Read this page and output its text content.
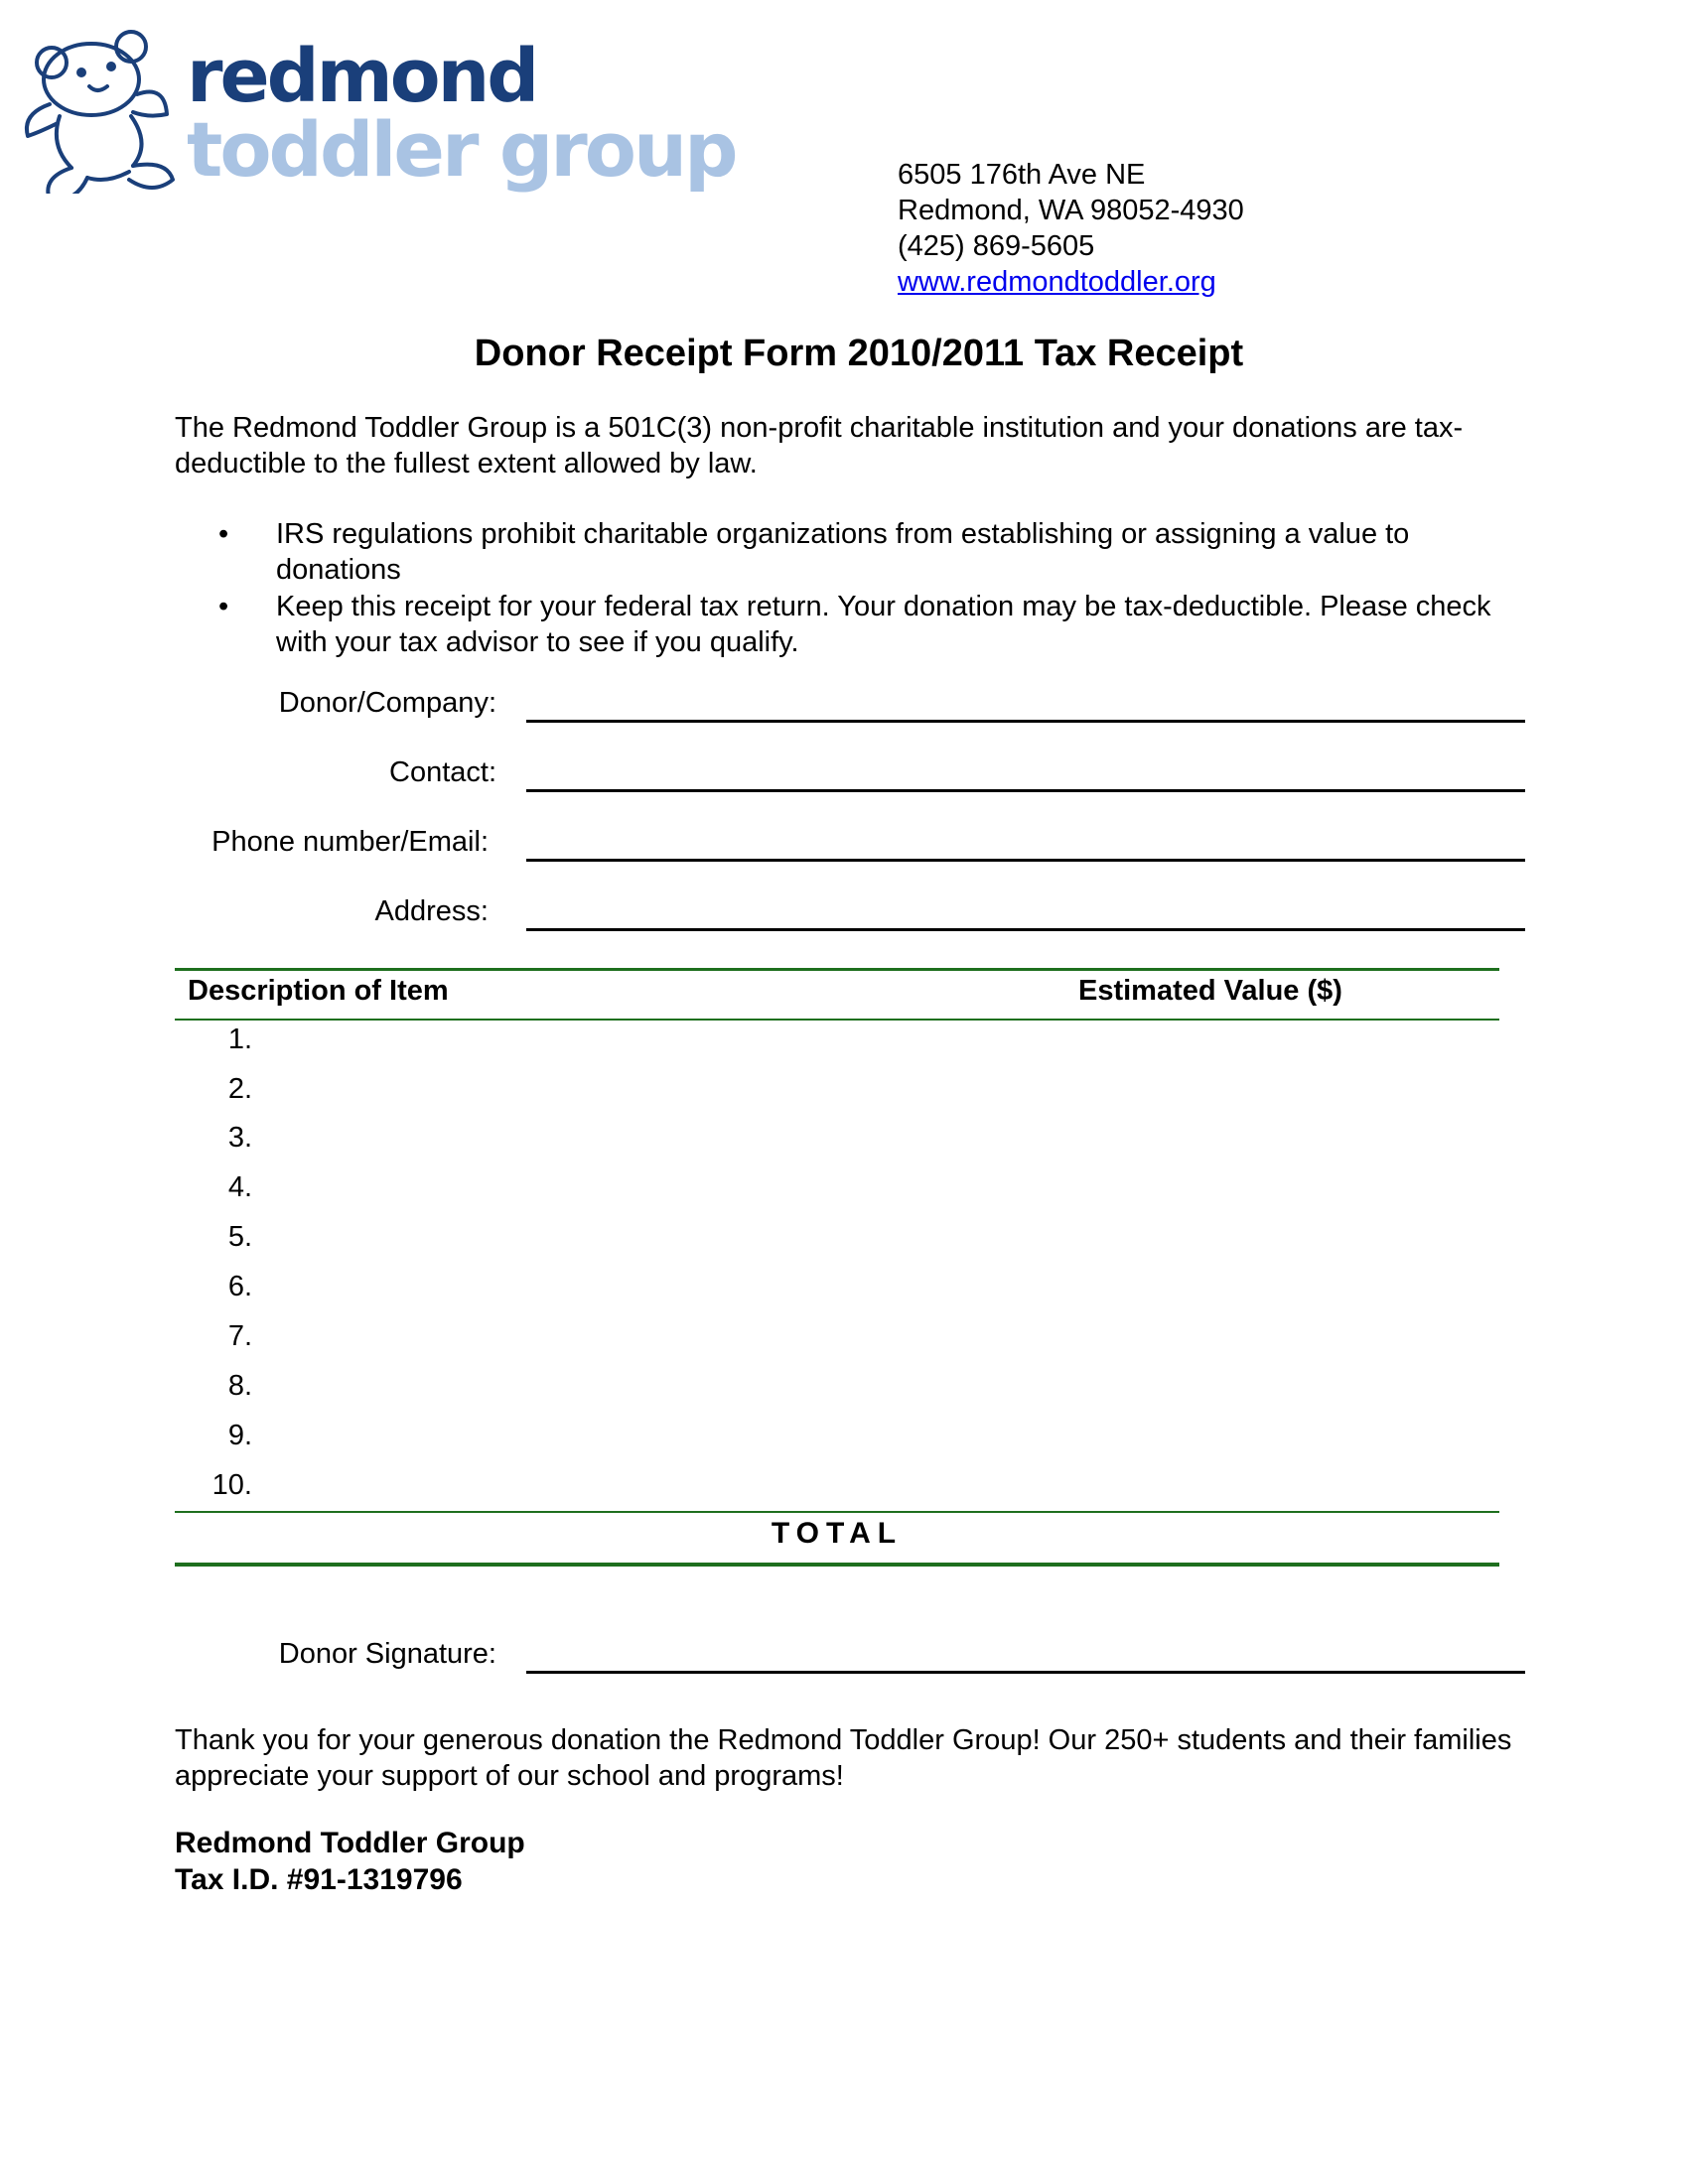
redmond
toddler group	6505 176th Ave NE
Redmond, WA 98052-4930
(425) 869-5605
www.redmondtoddler.org
Donor Receipt Form 2010/2011 Tax Receipt
The Redmond Toddler Group is a 501C(3) non-profit charitable institution and your donations are tax-deductible to the fullest extent allowed by law.
• IRS regulations prohibit charitable organizations from establishing or assigning a value to donations
• Keep this receipt for your federal tax return. Your donation may be tax-deductible. Please check with your tax advisor to see if you qualify.
Donor/Company:
Contact:
Phone number/Email:
Address:
Description of Item	Estimated Value ($)
1.
2.
3.
4.
5.
6.
7.
8.
9.
10.
TOTAL
Donor Signature:
Thank you for your generous donation the Redmond Toddler Group! Our 250+ students and their families appreciate your support of our school and programs!
Redmond Toddler Group
Tax I.D. #91-1319796
